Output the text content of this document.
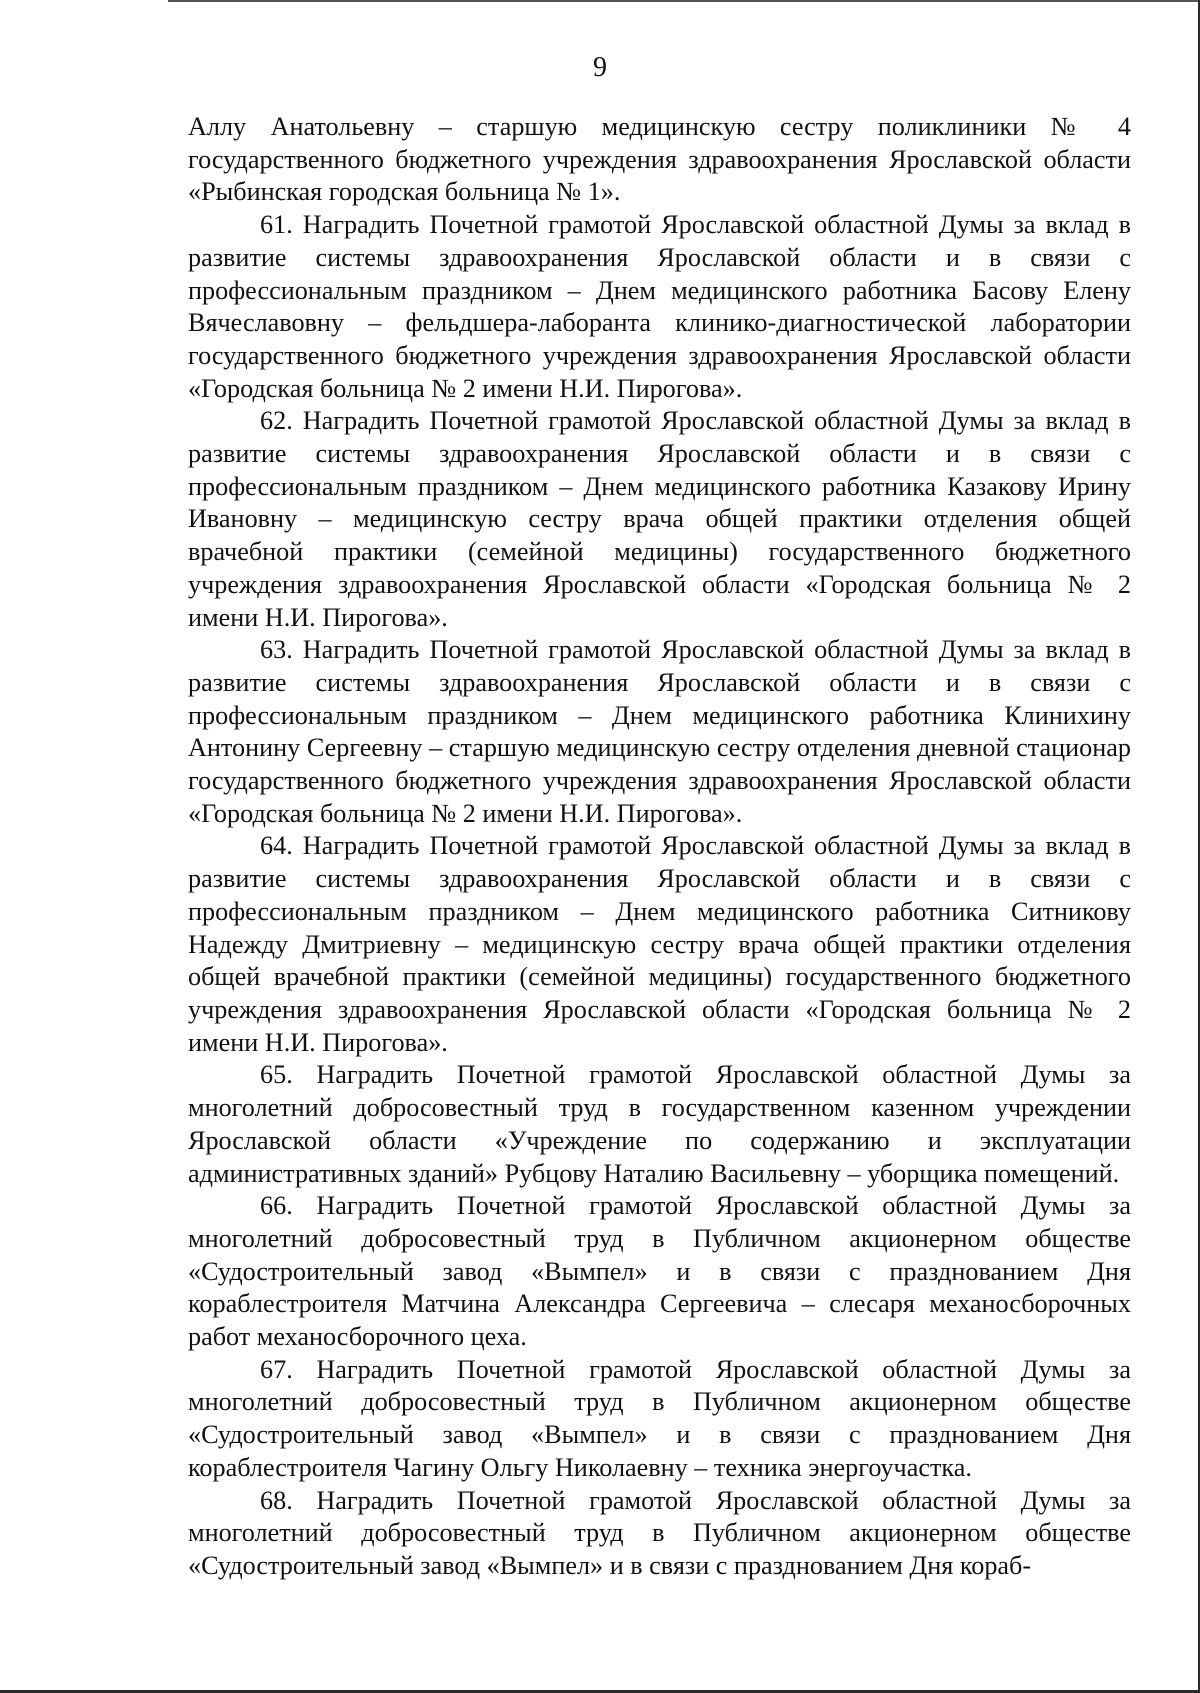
9

Аллу Анатольевну – старшую медицинскую сестру поликлиники № 4 государственного бюджетного учреждения здравоохранения Ярославской области «Рыбинская городская больница № 1».

61. Наградить Почетной грамотой Ярославской областной Думы за вклад в развитие системы здравоохранения Ярославской области и в связи с профессиональным праздником – Днем медицинского работника Басову Елену Вячеславовну – фельдшера-лаборанта клинико-диагностической лаборатории государственного бюджетного учреждения здравоохранения Ярославской области «Городская больница № 2 имени Н.И. Пирогова».

62. Наградить Почетной грамотой Ярославской областной Думы за вклад в развитие системы здравоохранения Ярославской области и в связи с профессиональным праздником – Днем медицинского работника Казакову Ирину Ивановну – медицинскую сестру врача общей практики отделения общей врачебной практики (семейной медицины) государственного бюджетного учреждения здравоохранения Ярославской области «Городская больница № 2 имени Н.И. Пирогова».

63. Наградить Почетной грамотой Ярославской областной Думы за вклад в развитие системы здравоохранения Ярославской области и в связи с профессиональным праздником – Днем медицинского работника Клинихину Антонину Сергеевну – старшую медицинскую сестру отделения дневной стационар государственного бюджетного учреждения здравоохранения Ярославской области «Городская больница № 2 имени Н.И. Пирогова».

64. Наградить Почетной грамотой Ярославской областной Думы за вклад в развитие системы здравоохранения Ярославской области и в связи с профессиональным праздником – Днем медицинского работника Ситникову Надежду Дмитриевну – медицинскую сестру врача общей практики отделения общей врачебной практики (семейной медицины) государственного бюджетного учреждения здравоохранения Ярославской области «Городская больница № 2 имени Н.И. Пирогова».

65. Наградить Почетной грамотой Ярославской областной Думы за многолетний добросовестный труд в государственном казенном учреждении Ярославской области «Учреждение по содержанию и эксплуатации административных зданий» Рубцову Наталию Васильевну – уборщика помещений.

66. Наградить Почетной грамотой Ярославской областной Думы за многолетний добросовестный труд в Публичном акционерном обществе «Судостроительный завод «Вымпел» и в связи с празднованием Дня кораблестроителя Матчина Александра Сергеевича – слесаря механосборочных работ механосборочного цеха.

67. Наградить Почетной грамотой Ярославской областной Думы за многолетний добросовестный труд в Публичном акционерном обществе «Судостроительный завод «Вымпел» и в связи с празднованием Дня кораблестроителя Чагину Ольгу Николаевну – техника энергоучастка.

68. Наградить Почетной грамотой Ярославской областной Думы за многолетний добросовестный труд в Публичном акционерном обществе «Судостроительный завод «Вымпел» и в связи с празднованием Дня кораб-
